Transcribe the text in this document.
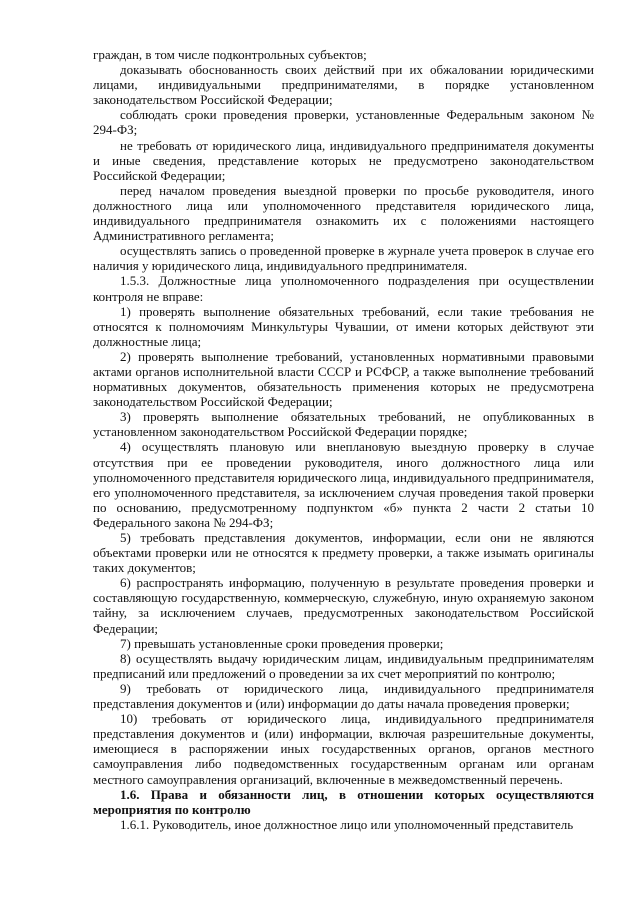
граждан, в том числе подконтрольных субъектов;

доказывать обоснованность своих действий при их обжаловании юридическими лицами, индивидуальными предпринимателями, в порядке установленном законодательством Российской Федерации;

соблюдать сроки проведения проверки, установленные Федеральным законом № 294-ФЗ;

не требовать от юридического лица, индивидуального предпринимателя документы и иные сведения, представление которых не предусмотрено законодательством Российской Федерации;

перед началом проведения выездной проверки по просьбе руководителя, иного должностного лица или уполномоченного представителя юридического лица, индивидуального предпринимателя ознакомить их с положениями настоящего Административного регламента;

осуществлять запись о проведенной проверке в журнале учета проверок в случае его наличия у юридического лица, индивидуального предпринимателя.

1.5.3. Должностные лица уполномоченного подразделения при осуществлении контроля не вправе:

1) проверять выполнение обязательных требований, если такие требования не относятся к полномочиям Минкультуры Чувашии, от имени которых действуют эти должностные лица;

2) проверять выполнение требований, установленных нормативными правовыми актами органов исполнительной власти СССР и РСФСР, а также выполнение требований нормативных документов, обязательность применения которых не предусмотрена законодательством Российской Федерации;

3) проверять выполнение обязательных требований, не опубликованных в установленном законодательством Российской Федерации порядке;

4) осуществлять плановую или внеплановую выездную проверку в случае отсутствия при ее проведении руководителя, иного должностного лица или уполномоченного представителя юридического лица, индивидуального предпринимателя, его уполномоченного представителя, за исключением случая проведения такой проверки по основанию, предусмотренному подпунктом «б» пункта 2 части 2 статьи 10 Федерального закона № 294-ФЗ;

5) требовать представления документов, информации, если они не являются объектами проверки или не относятся к предмету проверки, а также изымать оригиналы таких документов;

6) распространять информацию, полученную в результате проведения проверки и составляющую государственную, коммерческую, служебную, иную охраняемую законом тайну, за исключением случаев, предусмотренных законодательством Российской Федерации;

7) превышать установленные сроки проведения проверки;

8) осуществлять выдачу юридическим лицам, индивидуальным предпринимателям предписаний или предложений о проведении за их счет мероприятий по контролю;

9) требовать от юридического лица, индивидуального предпринимателя представления документов и (или) информации до даты начала проведения проверки;

10) требовать от юридического лица, индивидуального предпринимателя представления документов и (или) информации, включая разрешительные документы, имеющиеся в распоряжении иных государственных органов, органов местного самоуправления либо подведомственных государственным органам или органам местного самоуправления организаций, включенные в межведомственный перечень.

1.6. Права и обязанности лиц, в отношении которых осуществляются мероприятия по контролю

1.6.1. Руководитель, иное должностное лицо или уполномоченный представитель
